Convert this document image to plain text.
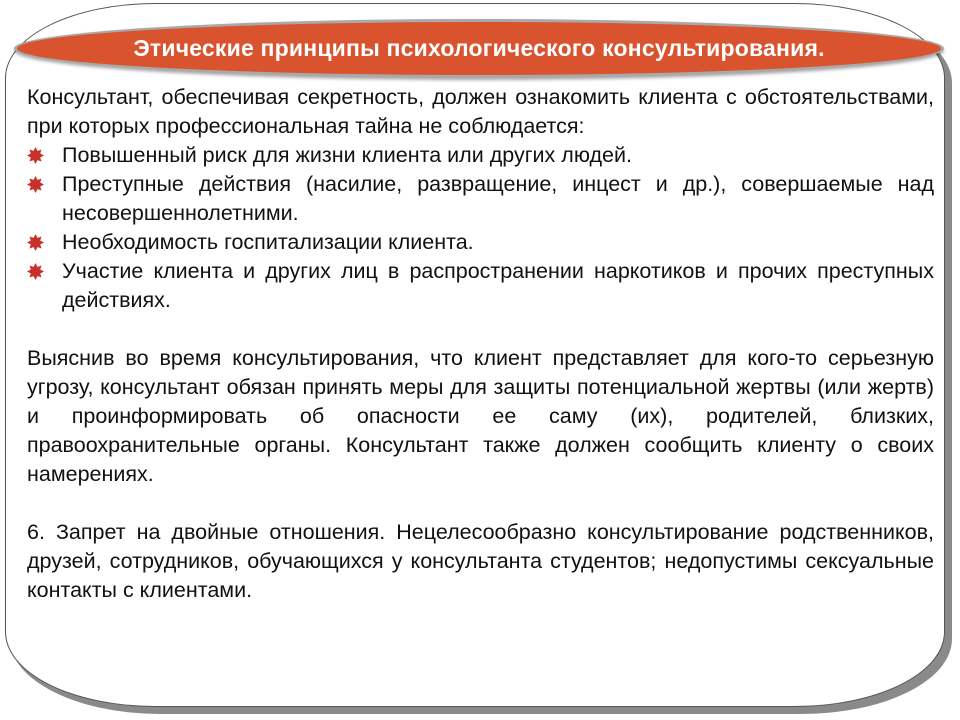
Этические принципы психологического консультирования.

Консультант, обеспечивая секретность, должен ознакомить клиента с обстоятельствами, при которых профессиональная тайна не соблюдается:

Повышенный риск для жизни клиента или других людей.
Преступные действия (насилие, развращение, инцест и др.), совершаемые над несовершеннолетними.
Необходимость госпитализации клиента.
Участие клиента и других лиц в распространении наркотиков и прочих преступных действиях.

Выяснив во время консультирования, что клиент представляет для кого-то серьезную угрозу, консультант обязан принять меры для защиты потенциальной жертвы (или жертв) и проинформировать об опасности ее саму (их), родителей, близких, правоохранительные органы. Консультант также должен сообщить клиенту о своих намерениях.

6. Запрет на двойные отношения. Нецелесообразно консультирование родственников, друзей, сотрудников, обучающихся у консультанта студентов; недопустимы сексуальные контакты с клиентами.
